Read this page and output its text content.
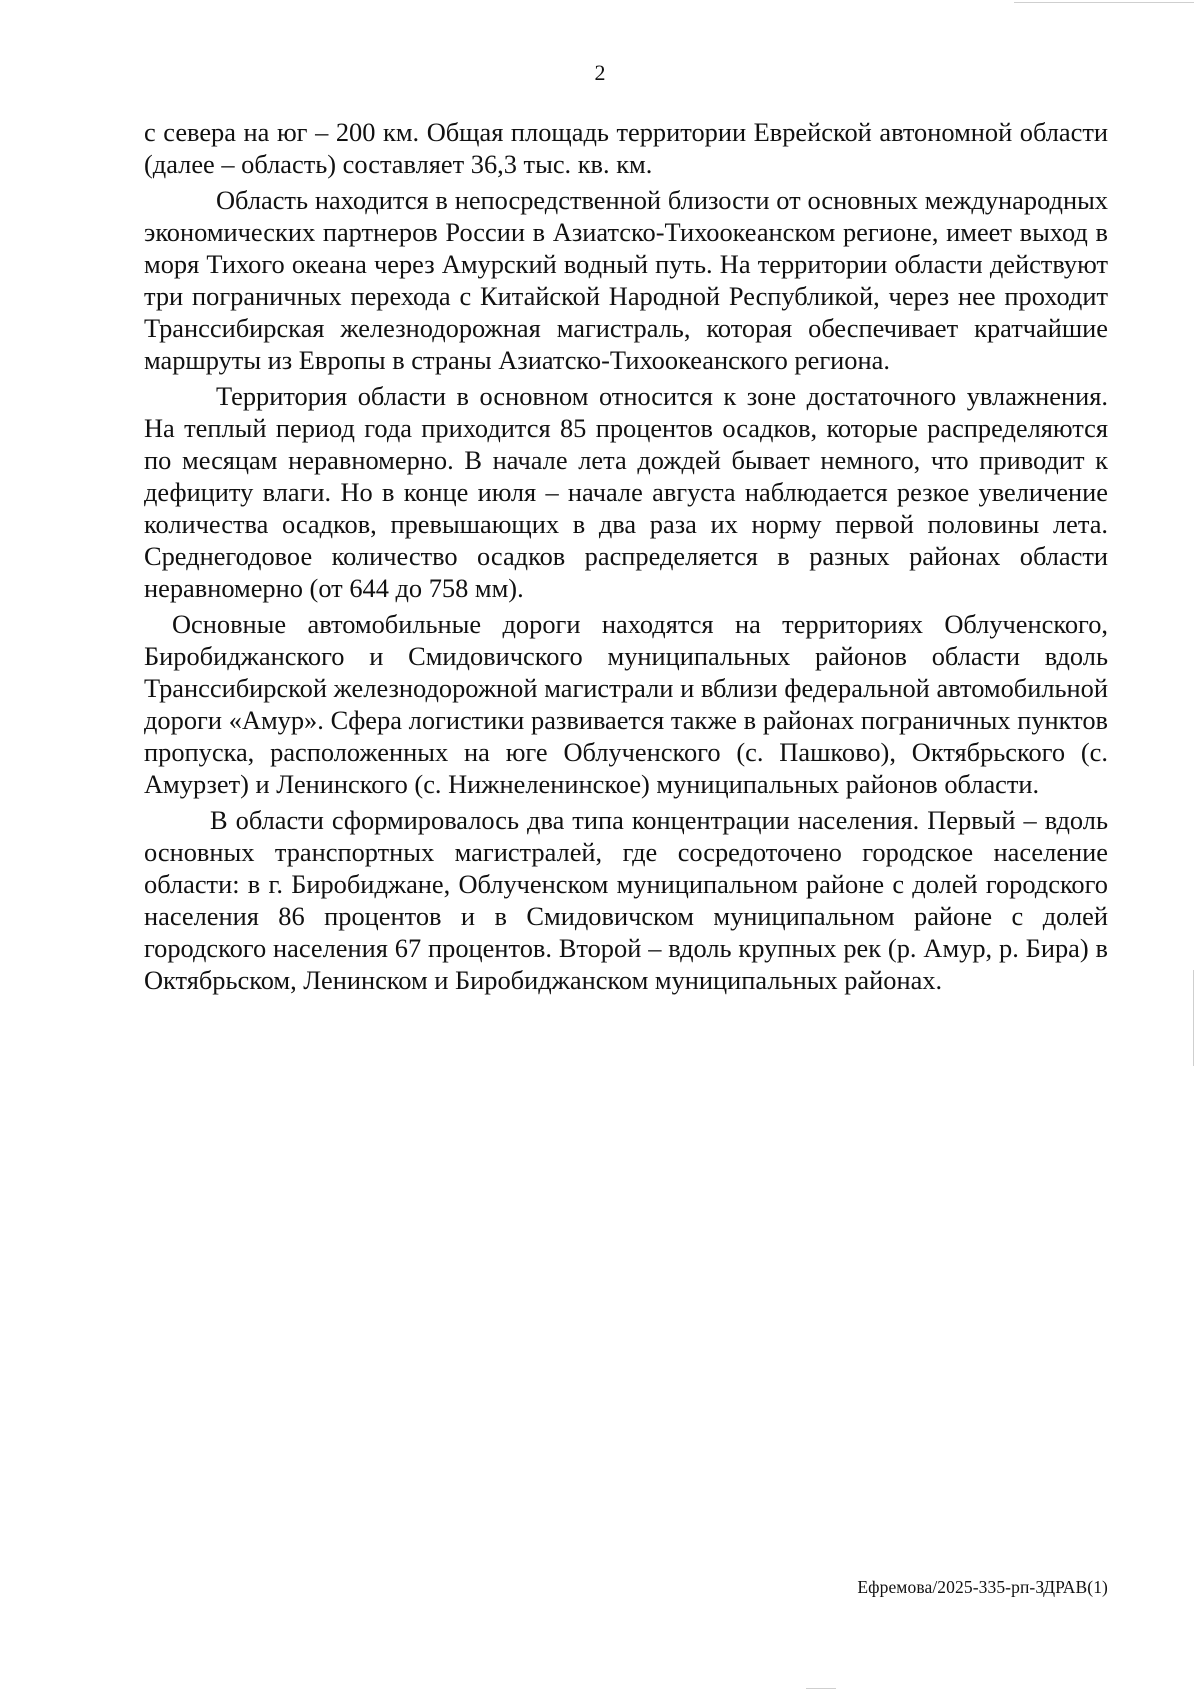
2

с севера на юг – 200 км. Общая площадь территории Еврейской автономной области (далее – область) составляет 36,3 тыс. кв. км.

Область находится в непосредственной близости от основных международных экономических партнеров России в Азиатско-Тихоокеанском регионе, имеет выход в моря Тихого океана через Амурский водный путь. На территории области действуют три пограничных перехода с Китайской Народной Республикой, через нее проходит Транссибирская железнодорожная магистраль, которая обеспечивает кратчайшие маршруты из Европы в страны Азиатско-Тихоокеанского региона.

Территория области в основном относится к зоне достаточного увлажнения. На теплый период года приходится 85 процентов осадков, которые распределяются по месяцам неравномерно. В начале лета дождей бывает немного, что приводит к дефициту влаги. Но в конце июля – начале августа наблюдается резкое увеличение количества осадков, превышающих в два раза их норму первой половины лета. Среднегодовое количество осадков распределяется в разных районах области неравномерно (от 644 до 758 мм).

Основные автомобильные дороги находятся на территориях Облученского, Биробиджанского и Смидовичского муниципальных районов области вдоль Транссибирской железнодорожной магистрали и вблизи федеральной автомобильной дороги «Амур». Сфера логистики развивается также в районах пограничных пунктов пропуска, расположенных на юге Облученского (с. Пашково), Октябрьского (с. Амурзет) и Ленинского (с. Нижнеленинское) муниципальных районов области.

В области сформировалось два типа концентрации населения. Первый – вдоль основных транспортных магистралей, где сосредоточено городское население области: в г. Биробиджане, Облученском муниципальном районе с долей городского населения 86 процентов и в Смидовичском муниципальном районе с долей городского населения 67 процентов. Второй – вдоль крупных рек (р. Амур, р. Бира) в Октябрьском, Ленинском и Биробиджанском муниципальных районах.

Ефремова/2025-335-рп-ЗДРАВ(1)
